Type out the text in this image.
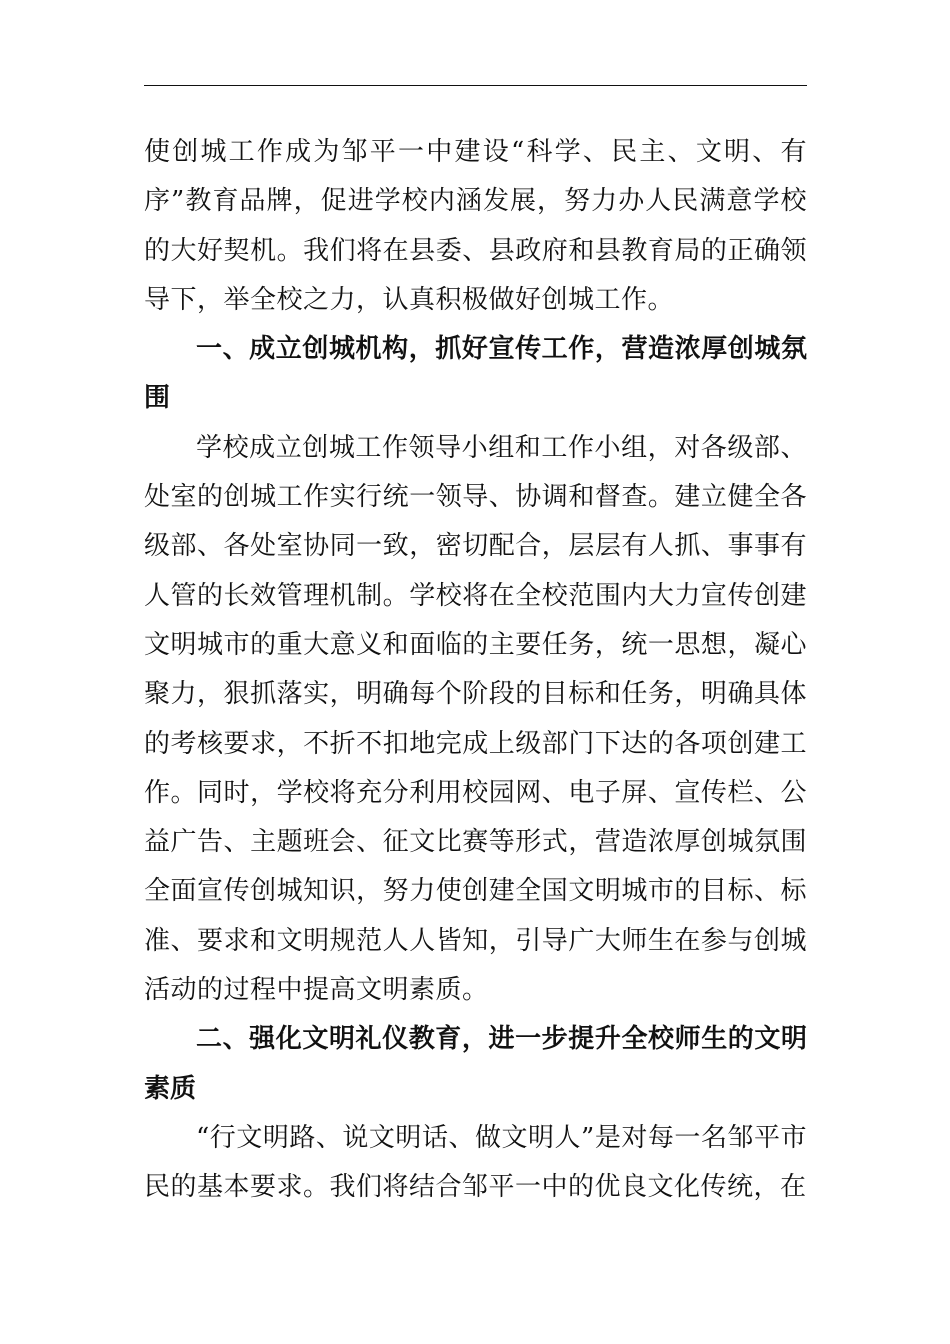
使创城工作成为邹平一中建设“科学、民主、文明、有序”教育品牌，促进学校内涵发展，努力办人民满意学校的大好契机。我们将在县委、县政府和县教育局的正确领导下，举全校之力，认真积极做好创城工作。

一、成立创城机构，抓好宣传工作，营造浓厚创城氛围

学校成立创城工作领导小组和工作小组，对各级部、处室的创城工作实行统一领导、协调和督查。建立健全各级部、各处室协同一致，密切配合，层层有人抓、事事有人管的长效管理机制。学校将在全校范围内大力宣传创建文明城市的重大意义和面临的主要任务，统一思想，凝心聚力，狠抓落实，明确每个阶段的目标和任务，明确具体的考核要求，不折不扣地完成上级部门下达的各项创建工作。同时，学校将充分利用校园网、电子屏、宣传栏、公益广告、主题班会、征文比赛等形式，营造浓厚创城氛围全面宣传创城知识，努力使创建全国文明城市的目标、标准、要求和文明规范人人皆知，引导广大师生在参与创城活动的过程中提高文明素质。

二、强化文明礼仪教育，进一步提升全校师生的文明素质

“行文明路、说文明话、做文明人”是对每一名邹平市民的基本要求。我们将结合邹平一中的优良文化传统，在
